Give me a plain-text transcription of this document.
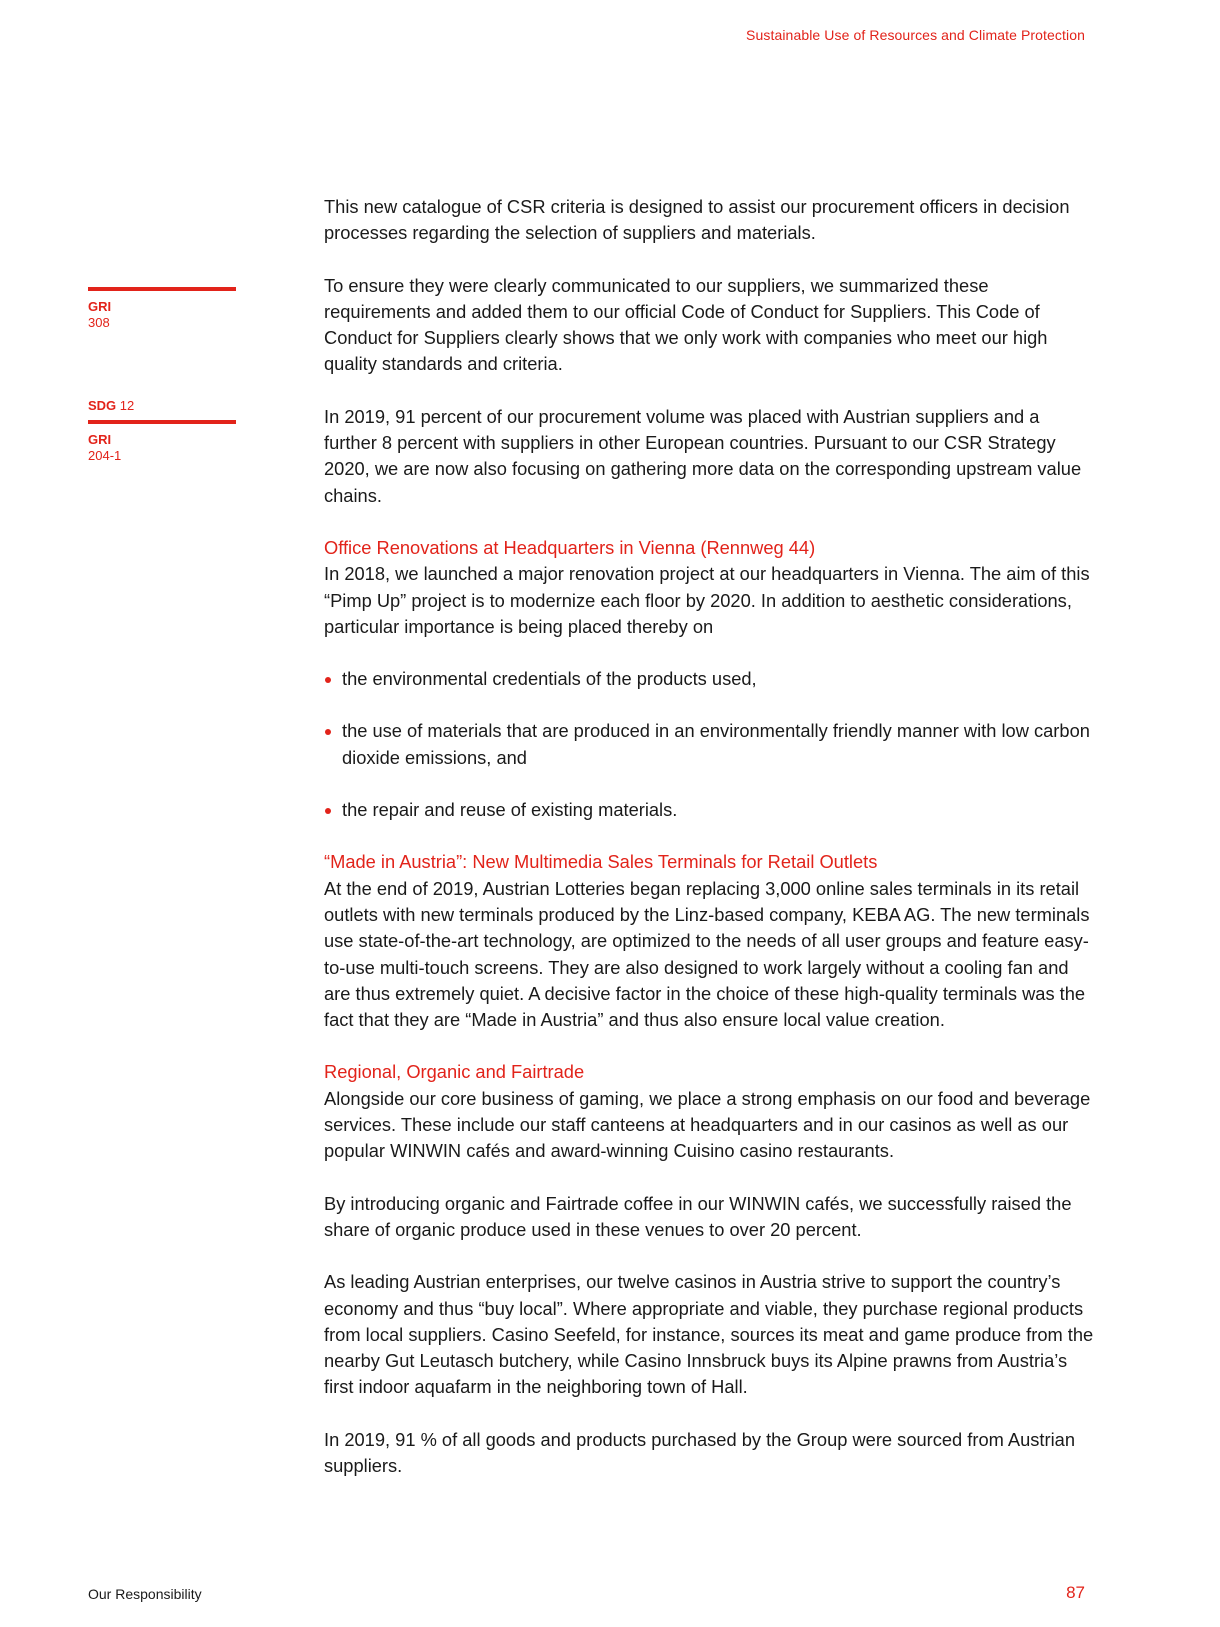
Sustainable Use of Resources and Climate Protection
GRI
308
SDG 12
GRI
204-1

This new catalogue of CSR criteria is designed to assist our procurement officers in decision processes regarding the selection of suppliers and materials.

To ensure they were clearly communicated to our suppliers, we summarized these requirements and added them to our official Code of Conduct for Suppliers. This Code of Conduct for Suppliers clearly shows that we only work with companies who meet our high quality standards and criteria.

In 2019, 91 percent of our procurement volume was placed with Austrian suppliers and a further 8 percent with suppliers in other European countries. Pursuant to our CSR Strategy 2020, we are now also focusing on gathering more data on the corresponding upstream value chains.

Office Renovations at Headquarters in Vienna (Rennweg 44)

In 2018, we launched a major renovation project at our headquarters in Vienna. The aim of this “Pimp Up” project is to modernize each floor by 2020. In addition to aesthetic considerations, particular importance is being placed thereby on

the environmental credentials of the products used,
the use of materials that are produced in an environmentally friendly manner with low carbon dioxide emissions, and
the repair and reuse of existing materials.
“Made in Austria”: New Multimedia Sales Terminals for Retail Outlets

At the end of 2019, Austrian Lotteries began replacing 3,000 online sales terminals in its retail outlets with new terminals produced by the Linz-based company, KEBA AG. The new terminals use state-of-the-art technology, are optimized to the needs of all user groups and feature easy-to-use multi-touch screens. They are also designed to work largely without a cooling fan and are thus extremely quiet. A decisive factor in the choice of these high-quality terminals was the fact that they are “Made in Austria” and thus also ensure local value creation.

Regional, Organic and Fairtrade

Alongside our core business of gaming, we place a strong emphasis on our food and beverage services. These include our staff canteens at headquarters and in our casinos as well as our popular WINWIN cafés and award-winning Cuisino casino restaurants.

By introducing organic and Fairtrade coffee in our WINWIN cafés, we successfully raised the share of organic produce used in these venues to over 20 percent.

As leading Austrian enterprises, our twelve casinos in Austria strive to support the country’s economy and thus “buy local”. Where appropriate and viable, they purchase regional products from local suppliers. Casino Seefeld, for instance, sources its meat and game produce from the nearby Gut Leutasch butchery, while Casino Innsbruck buys its Alpine prawns from Austria’s first indoor aquafarm in the neighboring town of Hall.

In 2019, 91 % of all goods and products purchased by the Group were sourced from Austrian suppliers.

Our Responsibility	87
